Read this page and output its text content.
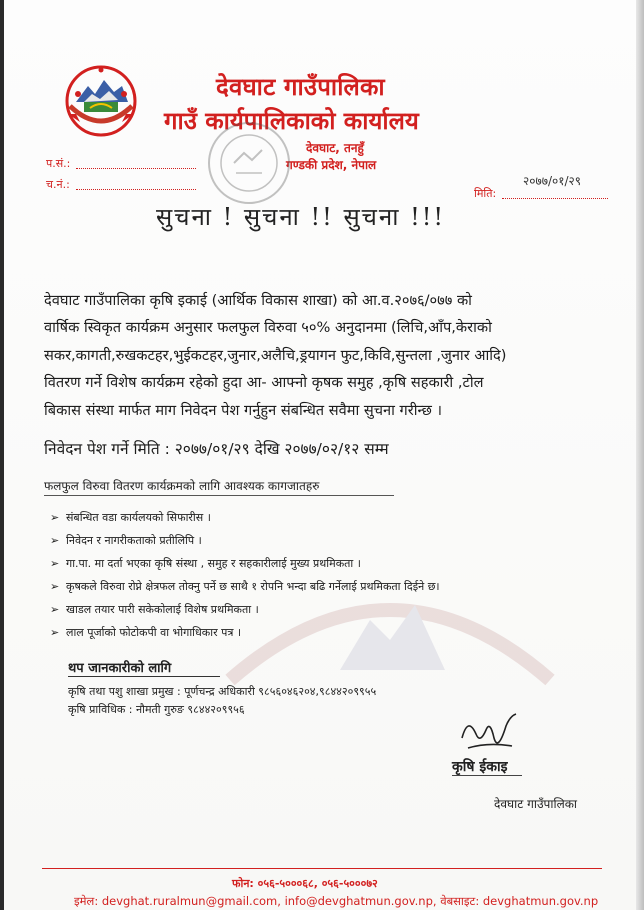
देवघाट गाउँपालिका
गाउँ कार्यपालिकाको कार्यालय
देवघाट, तनहुँ
गण्डकी प्रदेश, नेपाल
प.सं.:
च.नं.:	२०७७/०१/२९
मिति:
सुचना ! सुचना !! सुचना !!!
देवघाट गाउँपालिका कृषि इकाई (आर्थिक विकास शाखा) को आ.व.२०७६/०७७ को
वार्षिक स्विकृत कार्यक्रम अनुसार फलफुल विरुवा ५०% अनुदानमा (लिचि,आँप,केराको
सकर,कागती,रुखकटहर,भुईकटहर,जुनार,अलैचि,ड्रयागन फुट,किवि,सुन्तला ,जुनार आदि)
वितरण गर्ने विशेष कार्यक्रम रहेको हुदा आ- आफ्नो कृषक समुह ,कृषि सहकारी ,टोल
बिकास संस्था मार्फत माग निवेदन पेश गर्नुहुन संबन्धित सवैमा सुचना गरीन्छ ।
निवेदन पेश गर्ने मिति : २०७७/०१/२९ देखि २०७७/०२/१२ सम्म
फलफुल विरुवा वितरण कार्यक्रमको लागि आवश्यक कागजातहरु
➢ संबन्धित वडा कार्यलयको सिफारीस ।
➢ निवेदन र नागरीकताको प्रतीलिपि ।
➢ गा.पा. मा दर्ता भएका कृषि संस्था , समुह र सहकारीलाई मुख्य प्रथमिकता ।
➢ कृषकले विरुवा रोप्ने क्षेत्रफल तोक्नु पर्ने छ साथै १ रोपनि भन्दा बढि गर्नेलाई प्रथमिकता दिईने छ।
➢ खाडल तयार पारी सकेकोलाई विशेष प्रथमिकता ।
➢ लाल पूर्जाको फोटोकपी वा भोगाधिकार पत्र ।
थप जानकारीको लागि
कृषि तथा पशु शाखा प्रमुख : पूर्णचन्द्र अधिकारी ९८५६०४६२०४,९८४४२०९९५५
कृषि प्राविधिक : नौमती गुरुङ ९८४४२०९९५६
कृषि ईकाइ
देवघाट गाउँपालिका
फोन: ०५६-५०००६८, ०५६-५०००७२
इमेल: devghat.ruralmun@gmail.com, info@devghatmun.gov.np, वेबसाइट: devghatmun.gov.np
